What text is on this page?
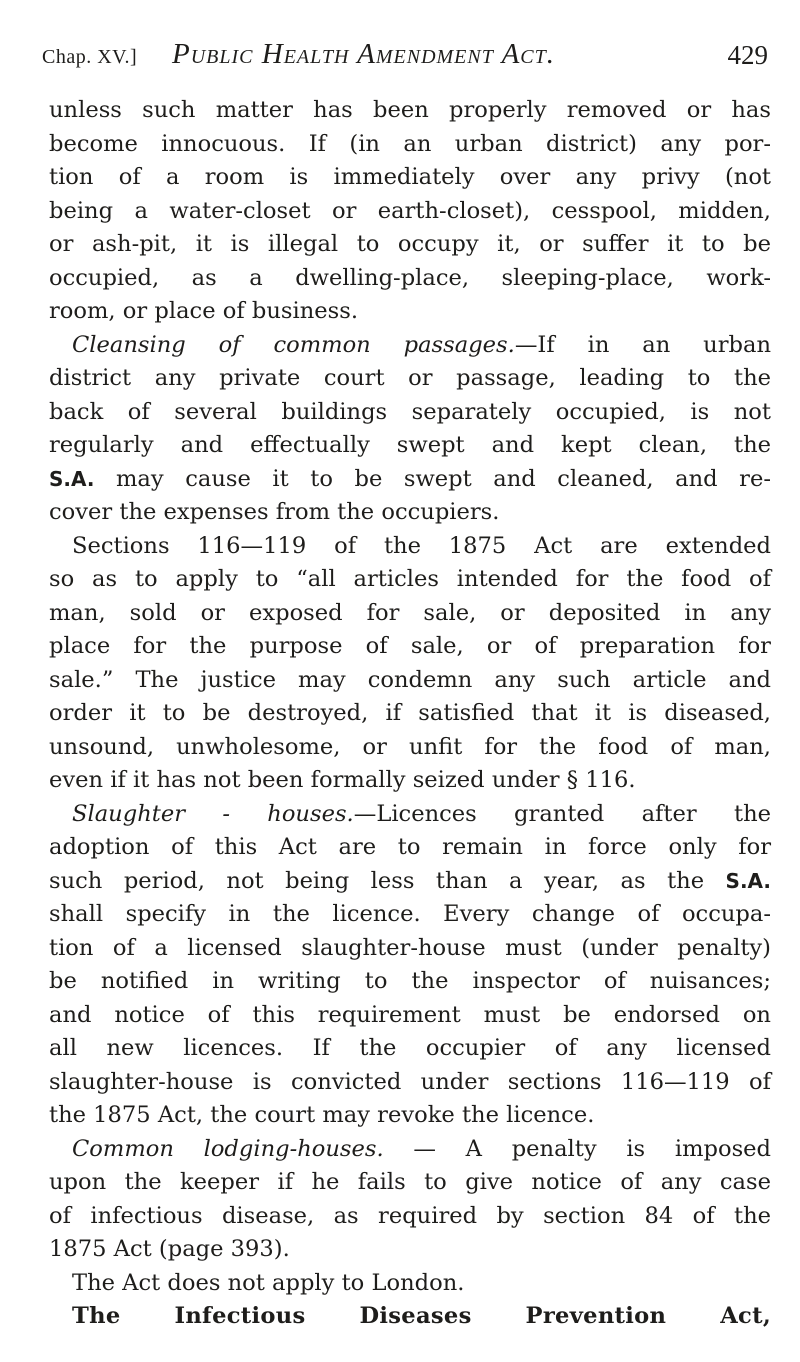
Chap. XV.] Public Health Amendment Act.	429
unless such matter has been properly removed or has
become innocuous. If (in an urban district) any por-
tion of a room is immediately over any privy (not
being a water-closet or earth-closet), cesspool, midden,
or ash-pit, it is illegal to occupy it, or suffer it to be
occupied, as a dwelling-place, sleeping-place, work-
room, or place of business.
Cleansing of common passages.—If in an urban
district any private court or passage, leading to the
back of several buildings separately occupied, is not
regularly and effectually swept and kept clean, the
S.A. may cause it to be swept and cleaned, and re-
cover the expenses from the occupiers.
Sections 116—119 of the 1875 Act are extended
so as to apply to “all articles intended for the food of
man, sold or exposed for sale, or deposited in any
place for the purpose of sale, or of preparation for
sale.” The justice may condemn any such article and
order it to be destroyed, if satisfied that it is diseased,
unsound, unwholesome, or unfit for the food of man,
even if it has not been formally seized under § 116.
Slaughter - houses.—Licences granted after the
adoption of this Act are to remain in force only for
such period, not being less than a year, as the S.A.
shall specify in the licence. Every change of occupa-
tion of a licensed slaughter-house must (under penalty)
be notified in writing to the inspector of nuisances;
and notice of this requirement must be endorsed on
all new licences. If the occupier of any licensed
slaughter-house is convicted under sections 116—119 of
the 1875 Act, the court may revoke the licence.
Common lodging-houses. — A penalty is imposed
upon the keeper if he fails to give notice of any case
of infectious disease, as required by section 84 of the
1875 Act (page 393).
The Act does not apply to London.
The Infectious Diseases Prevention Act,
